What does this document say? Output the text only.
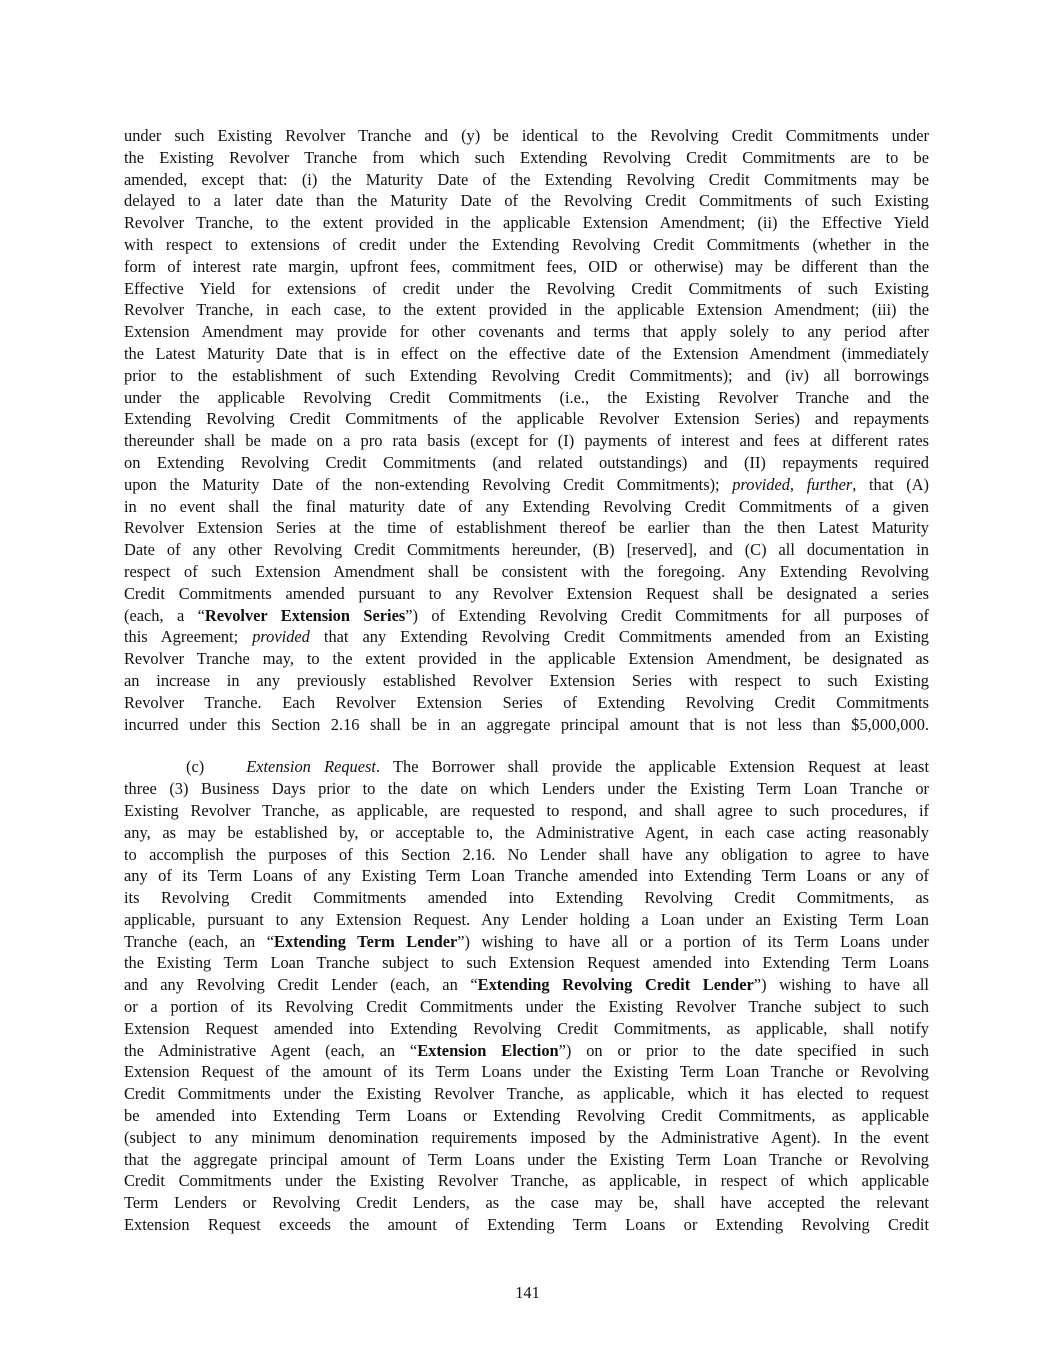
under such Existing Revolver Tranche and (y) be identical to the Revolving Credit Commitments under
the Existing Revolver Tranche from which such Extending Revolving Credit Commitments are to be
amended, except that: (i) the Maturity Date of the Extending Revolving Credit Commitments may be
delayed to a later date than the Maturity Date of the Revolving Credit Commitments of such Existing
Revolver Tranche, to the extent provided in the applicable Extension Amendment; (ii) the Effective Yield
with respect to extensions of credit under the Extending Revolving Credit Commitments (whether in the
form of interest rate margin, upfront fees, commitment fees, OID or otherwise) may be different than the
Effective Yield for extensions of credit under the Revolving Credit Commitments of such Existing
Revolver Tranche, in each case, to the extent provided in the applicable Extension Amendment; (iii) the
Extension Amendment may provide for other covenants and terms that apply solely to any period after
the Latest Maturity Date that is in effect on the effective date of the Extension Amendment (immediately
prior to the establishment of such Extending Revolving Credit Commitments); and (iv) all borrowings
under the applicable Revolving Credit Commitments (i.e., the Existing Revolver Tranche and the
Extending Revolving Credit Commitments of the applicable Revolver Extension Series) and repayments
thereunder shall be made on a pro rata basis (except for (I) payments of interest and fees at different rates
on Extending Revolving Credit Commitments (and related outstandings) and (II) repayments required
upon the Maturity Date of the non-extending Revolving Credit Commitments); provided, further, that (A)
in no event shall the final maturity date of any Extending Revolving Credit Commitments of a given
Revolver Extension Series at the time of establishment thereof be earlier than the then Latest Maturity
Date of any other Revolving Credit Commitments hereunder, (B) [reserved], and (C) all documentation in
respect of such Extension Amendment shall be consistent with the foregoing. Any Extending Revolving
Credit Commitments amended pursuant to any Revolver Extension Request shall be designated a series
(each, a “Revolver Extension Series”) of Extending Revolving Credit Commitments for all purposes of
this Agreement; provided that any Extending Revolving Credit Commitments amended from an Existing
Revolver Tranche may, to the extent provided in the applicable Extension Amendment, be designated as
an increase in any previously established Revolver Extension Series with respect to such Existing
Revolver Tranche. Each Revolver Extension Series of Extending Revolving Credit Commitments
incurred under this Section 2.16 shall be in an aggregate principal amount that is not less than $5,000,000.
(c)	Extension Request. The Borrower shall provide the applicable Extension Request at least
three (3) Business Days prior to the date on which Lenders under the Existing Term Loan Tranche or
Existing Revolver Tranche, as applicable, are requested to respond, and shall agree to such procedures, if
any, as may be established by, or acceptable to, the Administrative Agent, in each case acting reasonably
to accomplish the purposes of this Section 2.16. No Lender shall have any obligation to agree to have
any of its Term Loans of any Existing Term Loan Tranche amended into Extending Term Loans or any of
its Revolving Credit Commitments amended into Extending Revolving Credit Commitments, as
applicable, pursuant to any Extension Request. Any Lender holding a Loan under an Existing Term Loan
Tranche (each, an “Extending Term Lender”) wishing to have all or a portion of its Term Loans under
the Existing Term Loan Tranche subject to such Extension Request amended into Extending Term Loans
and any Revolving Credit Lender (each, an “Extending Revolving Credit Lender”) wishing to have all
or a portion of its Revolving Credit Commitments under the Existing Revolver Tranche subject to such
Extension Request amended into Extending Revolving Credit Commitments, as applicable, shall notify
the Administrative Agent (each, an “Extension Election”) on or prior to the date specified in such
Extension Request of the amount of its Term Loans under the Existing Term Loan Tranche or Revolving
Credit Commitments under the Existing Revolver Tranche, as applicable, which it has elected to request
be amended into Extending Term Loans or Extending Revolving Credit Commitments, as applicable
(subject to any minimum denomination requirements imposed by the Administrative Agent). In the event
that the aggregate principal amount of Term Loans under the Existing Term Loan Tranche or Revolving
Credit Commitments under the Existing Revolver Tranche, as applicable, in respect of which applicable
Term Lenders or Revolving Credit Lenders, as the case may be, shall have accepted the relevant
Extension Request exceeds the amount of Extending Term Loans or Extending Revolving Credit
141
